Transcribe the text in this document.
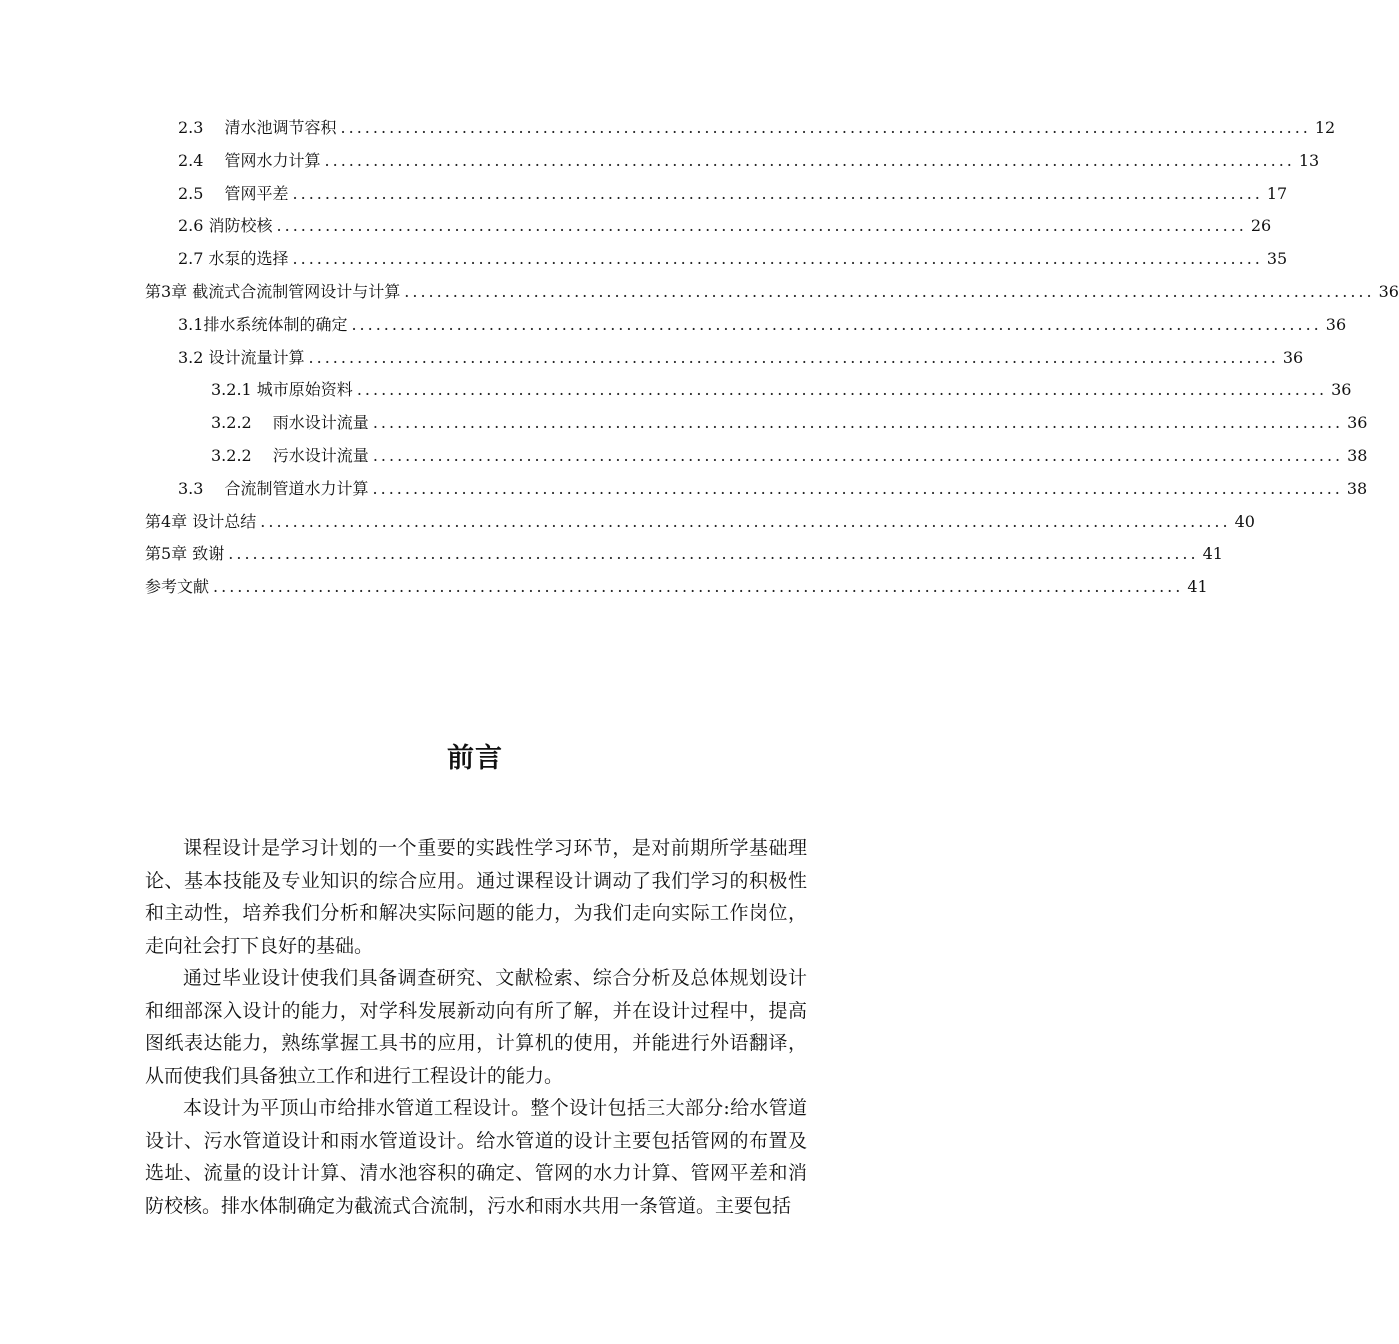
2.3　 清水池调节容积 ........................................................................................................................ 12
2.4　 管网水力计算 ........................................................................................................................ 13
2.5　 管网平差 ........................................................................................................................ 17
2.6 消防校核 ........................................................................................................................ 26
2.7 水泵的选择 ........................................................................................................................ 35
第3章 截流式合流制管网设计与计算 ........................................................................................................................ 36
3.1排水系统体制的确定 ........................................................................................................................ 36
3.2 设计流量计算 ........................................................................................................................ 36
3.2.1 城市原始资料 ........................................................................................................................ 36
3.2.2　 雨水设计流量 ........................................................................................................................ 36
3.2.2　 污水设计流量 ........................................................................................................................ 38
3.3　 合流制管道水力计算 ........................................................................................................................ 38
第4章 设计总结 ........................................................................................................................ 40
第5章 致谢 ........................................................................................................................ 41
参考文献 ........................................................................................................................ 41
前言

课程设计是学习计划的一个重要的实践性学习环节，是对前期所学基础理论、基本技能及专业知识的综合应用。通过课程设计调动了我们学习的积极性和主动性，培养我们分析和解决实际问题的能力，为我们走向实际工作岗位，走向社会打下良好的基础。

通过毕业设计使我们具备调查研究、文献检索、综合分析及总体规划设计和细部深入设计的能力，对学科发展新动向有所了解，并在设计过程中，提高图纸表达能力，熟练掌握工具书的应用，计算机的使用，并能进行外语翻译，从而使我们具备独立工作和进行工程设计的能力。

本设计为平顶山市给排水管道工程设计。整个设计包括三大部分:给水管道设计、污水管道设计和雨水管道设计。给水管道的设计主要包括管网的布置及选址、流量的设计计算、清水池容积的确定、管网的水力计算、管网平差和消防校核。排水体制确定为截流式合流制，污水和雨水共用一条管道。主要包括
